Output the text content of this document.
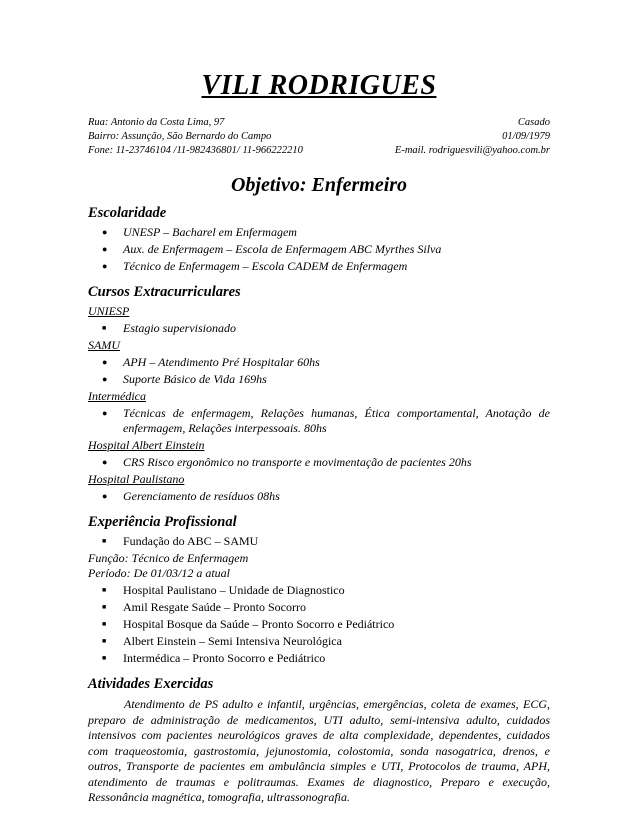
VILI RODRIGUES
Rua: Antonio da Costa Lima, 97	Casado
Bairro: Assunção, São Bernardo do Campo	01/09/1979
Fone: 11-23746104 /11-982436801/ 11-966222210	E-mail. rodriguesvili@yahoo.com.br
Objetivo: Enfermeiro
Escolaridade
● UNESP – Bacharel em Enfermagem
● Aux. de Enfermagem – Escola de Enfermagem ABC Myrthes Silva
● Técnico de Enfermagem – Escola CADEM de Enfermagem
Cursos Extracurriculares
UNIESP
■ Estagio supervisionado
SAMU
● APH – Atendimento Pré Hospitalar 60hs
● Suporte Básico de Vida 169hs
Intermédica
● Técnicas de enfermagem, Relações humanas, Ética comportamental, Anotação de enfermagem, Relações interpessoais. 80hs
Hospital Albert Einstein
● CRS Risco ergonômico no transporte e movimentação de pacientes 20hs
Hospital Paulistano
● Gerenciamento de resíduos 08hs
Experiência Profissional
■ Fundação do ABC – SAMU
Função: Técnico de Enfermagem
Período: De 01/03/12 a atual
■ Hospital Paulistano – Unidade de Diagnostico
■ Amil Resgate Saúde – Pronto Socorro
■ Hospital Bosque da Saúde – Pronto Socorro e Pediátrico
■ Albert Einstein – Semi Intensiva Neurológica
■ Intermédica – Pronto Socorro e Pediátrico
Atividades Exercidas
Atendimento de PS adulto e infantil, urgências, emergências, coleta de exames, ECG, preparo de administração de medicamentos, UTI adulto, semi-intensiva adulto, cuidados intensivos com pacientes neurológicos graves de alta complexidade, dependentes, cuidados com traqueostomia, gastrostomia, jejunostomia, colostomia, sonda nasogatrica, drenos, e outros, Transporte de pacientes em ambulância simples e UTI, Protocolos de trauma, APH, atendimento de traumas e politraumas. Exames de diagnostico, Preparo e execução, Ressonância magnética, tomografia, ultrassonografia.
